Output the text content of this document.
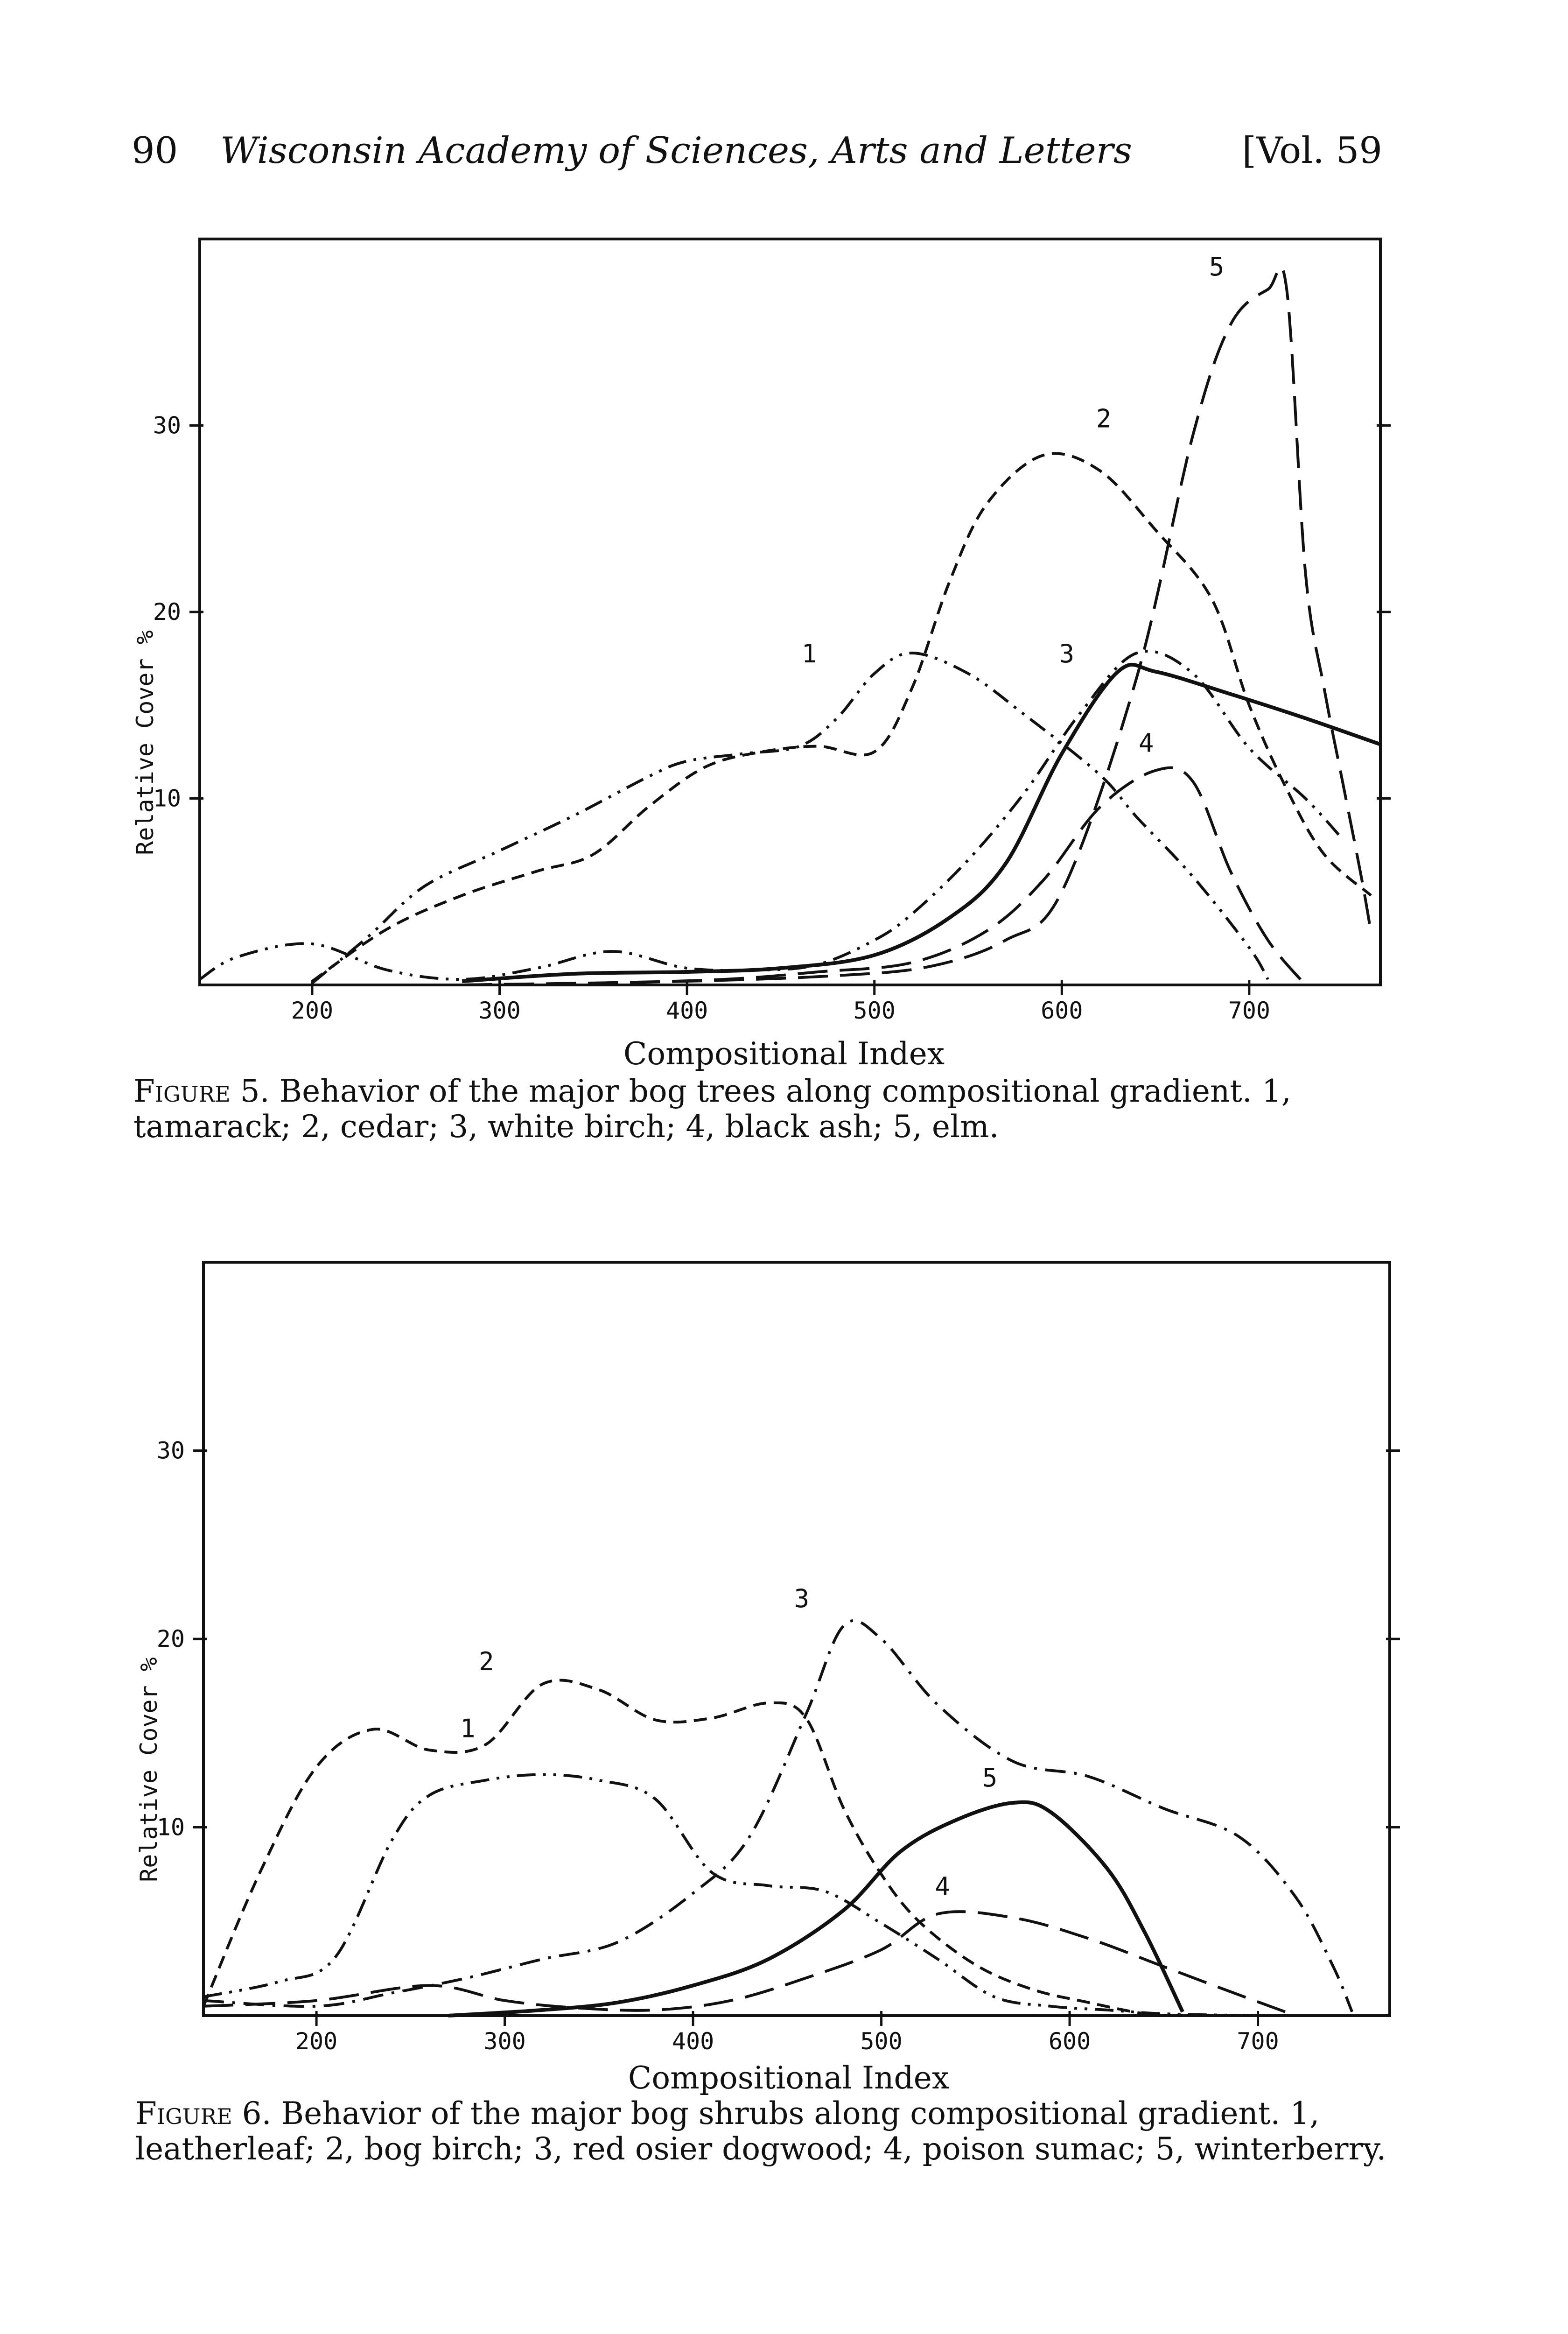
90 Wisconsin Academy of Sciences, Arts and Letters	[Vol. 59
10
20
30
200	300	400	500	600	700
Relative Cover %	1
2
3
4
5
Compositional Index
Figure 5. Behavior of the major bog trees along compositional gradient. 1, tamarack; 2, cedar; 3, white birch; 4, black ash; 5, elm.
10
20
30
200	300	400	500	600	700
Relative Cover %	1
2
3
4
5
Compositional Index
Figure 6. Behavior of the major bog shrubs along compositional gradient. 1, leatherleaf; 2, bog birch; 3, red osier dogwood; 4, poison sumac; 5, winterberry.
